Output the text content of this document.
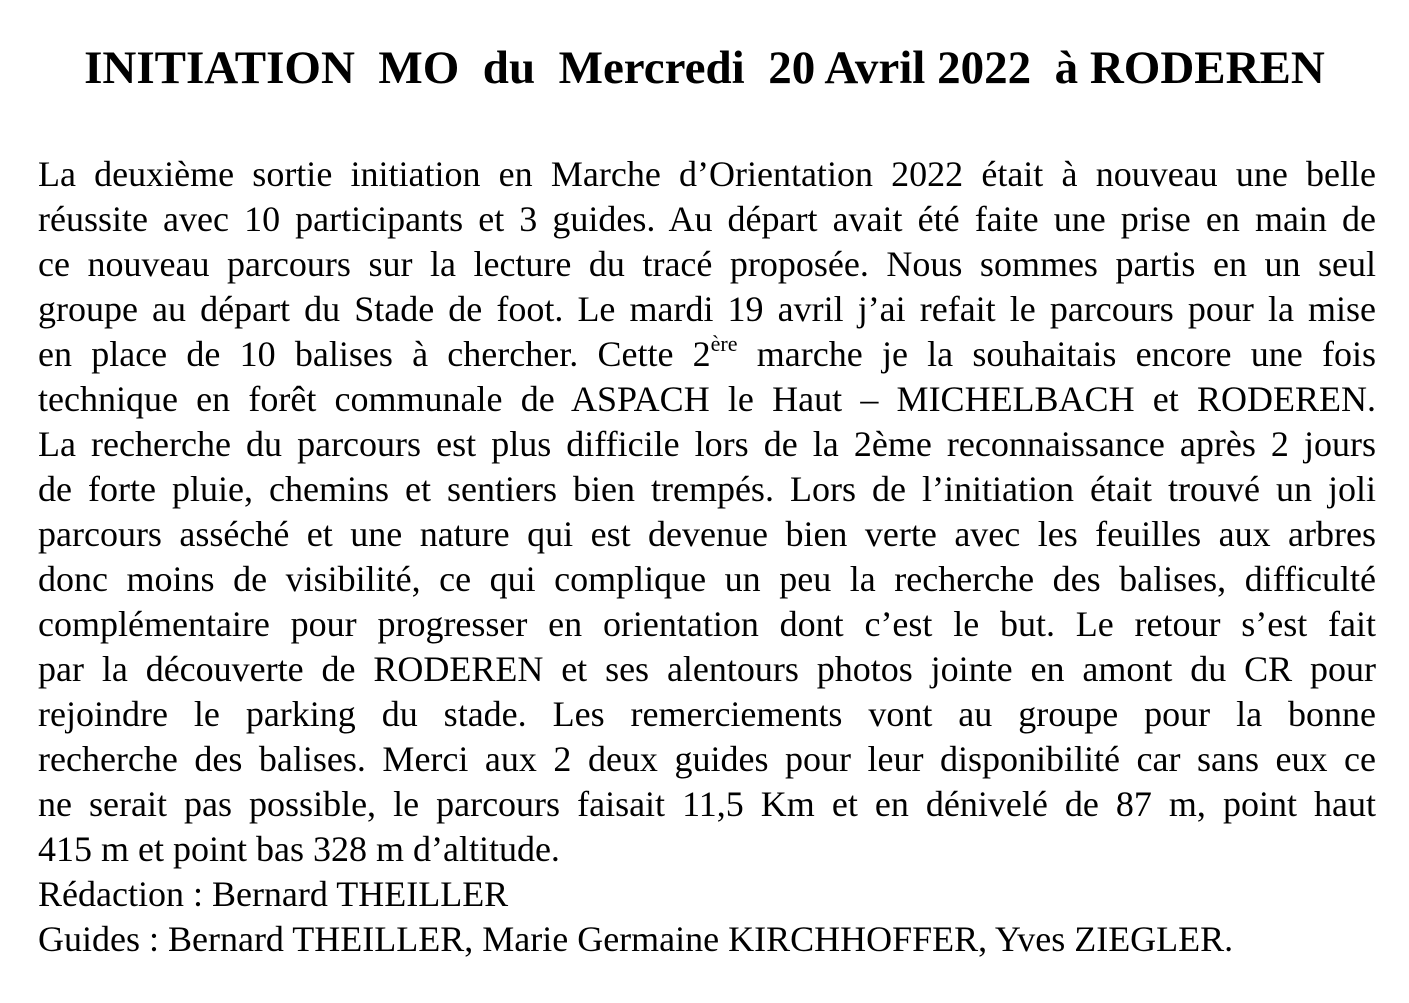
INITIATION  MO  du  Mercredi  20 Avril 2022  à RODEREN
La deuxième sortie initiation en Marche d’Orientation 2022 était à nouveau une belle
réussite avec 10 participants et 3 guides. Au départ avait été faite une prise en main de
ce nouveau parcours sur la lecture du tracé proposée. Nous sommes partis en un seul
groupe au départ du Stade de foot. Le mardi 19 avril j’ai refait le parcours pour la mise
en place de 10 balises à chercher. Cette 2ère marche je la souhaitais encore une fois
technique en forêt communale de ASPACH le Haut – MICHELBACH et RODEREN.
La recherche du parcours est plus difficile lors de la 2ème reconnaissance après 2 jours
de forte pluie, chemins et sentiers bien trempés. Lors de l’initiation était trouvé un joli
parcours asséché et une nature qui est devenue bien verte avec les feuilles aux arbres
donc moins de visibilité, ce qui complique un peu la recherche des balises, difficulté
complémentaire pour progresser en orientation dont c’est le but. Le retour s’est fait
par la découverte de RODEREN et ses alentours photos jointe en amont du CR pour
rejoindre le parking du stade. Les remerciements vont au groupe pour la bonne
recherche des balises. Merci aux 2 deux guides pour leur disponibilité car sans eux ce
ne serait pas possible, le parcours faisait 11,5 Km et en dénivelé de 87 m, point haut
415 m et point bas 328 m d’altitude.
Rédaction : Bernard THEILLER
Guides : Bernard THEILLER, Marie Germaine KIRCHHOFFER, Yves ZIEGLER.
